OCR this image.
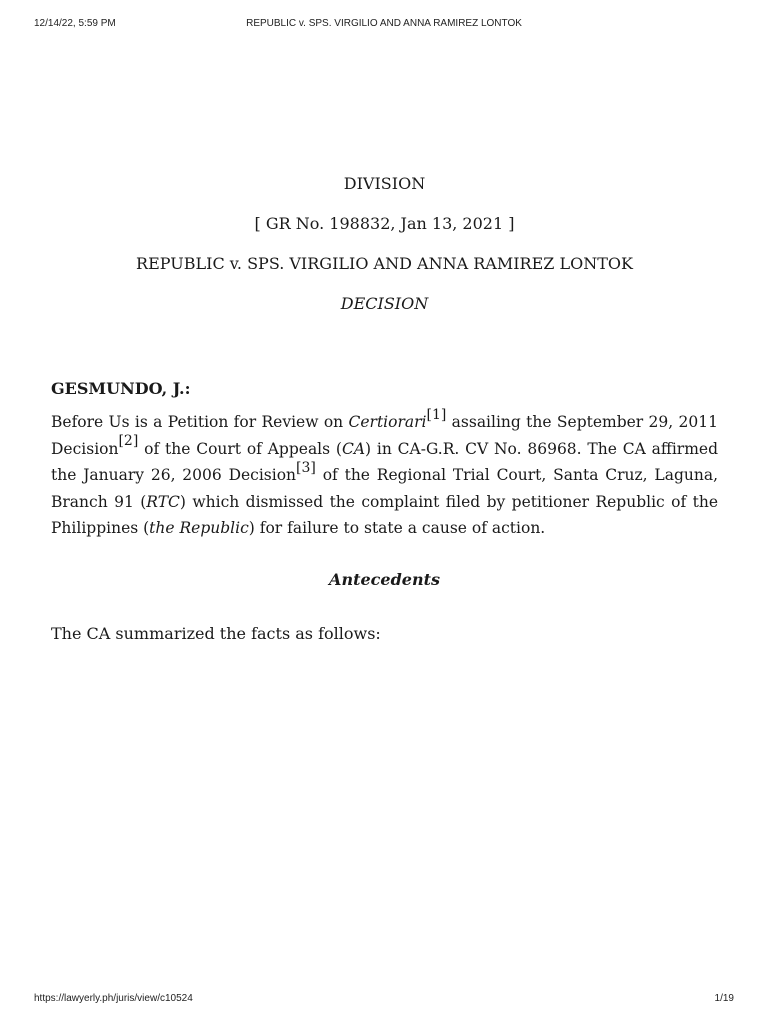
12/14/22, 5:59 PM	REPUBLIC v. SPS. VIRGILIO AND ANNA RAMIREZ LONTOK
DIVISION
[ GR No. 198832, Jan 13, 2021 ]
REPUBLIC v. SPS. VIRGILIO AND ANNA RAMIREZ LONTOK
DECISION
GESMUNDO, J.:

Before Us is a Petition for Review on Certiorari[1] assailing the September 29, 2011 Decision[2] of the Court of Appeals (CA) in CA-G.R. CV No. 86968. The CA affirmed the January 26, 2006 Decision[3] of the Regional Trial Court, Santa Cruz, Laguna, Branch 91 (RTC) which dismissed the complaint filed by petitioner Republic of the Philippines (the Republic) for failure to state a cause of action.

Antecedents
The CA summarized the facts as follows:
https://lawyerly.ph/juris/view/c10524	1/19
